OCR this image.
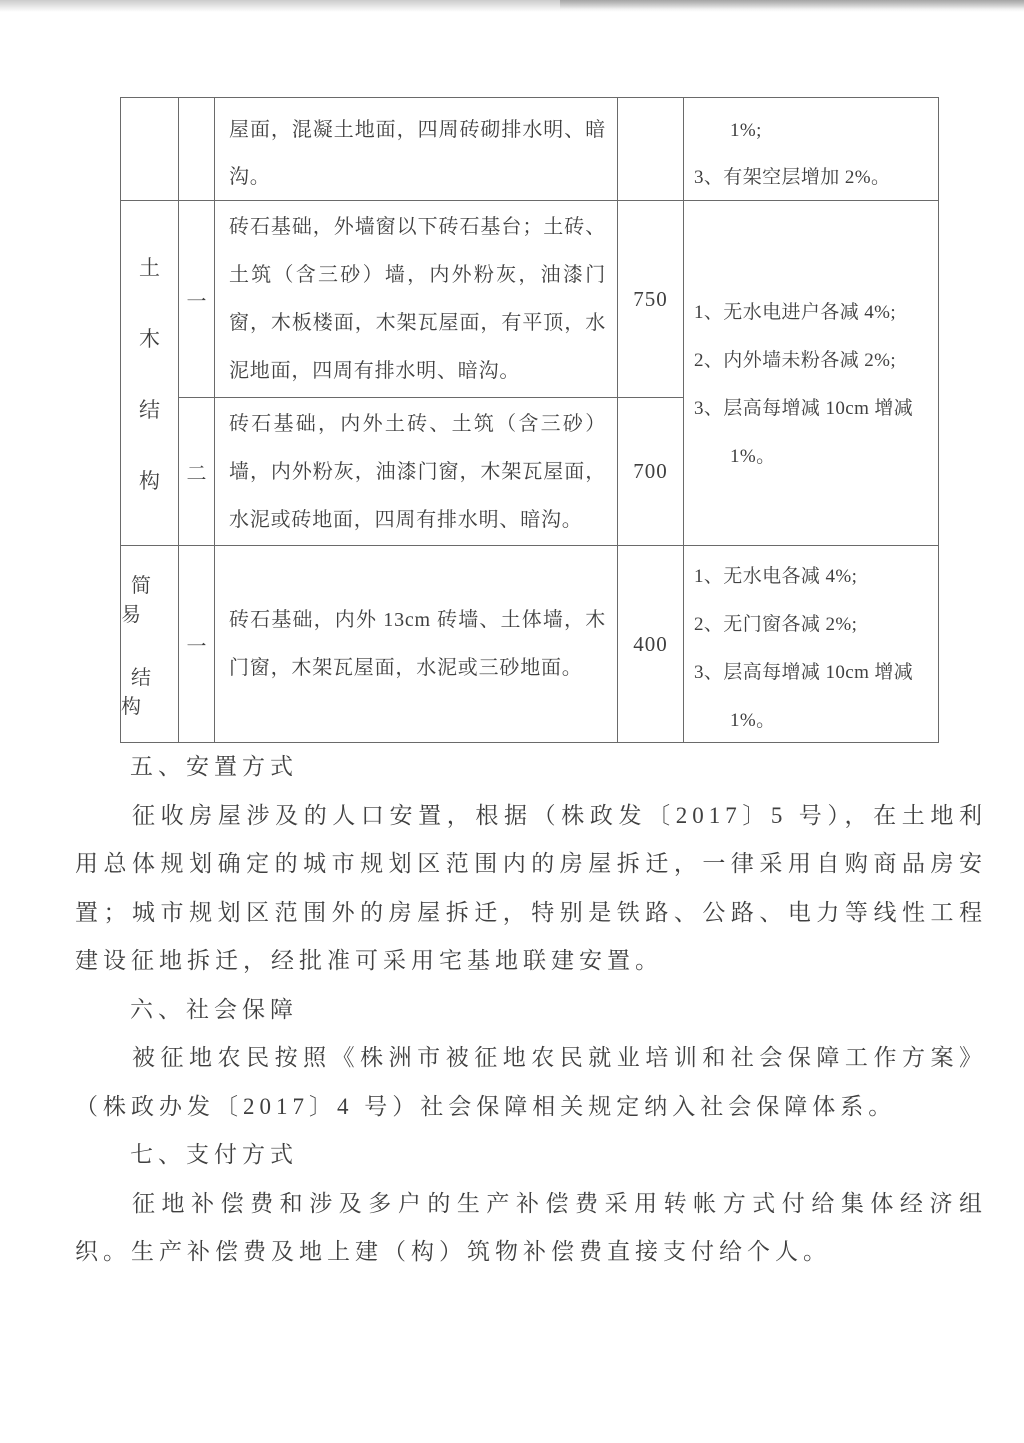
屋面，混凝土地面，四周砖砌排水明、暗沟。
1%;
3、有架空层增加 2%。
土
木
结
构
一
砖石基础，外墙窗以下砖石基台；土砖、土筑（含三砂）墙，内外粉灰，油漆门窗，木板楼面，木架瓦屋面，有平顶，水泥地面，四周有排水明、暗沟。
750
1、无水电进户各减 4%;
2、内外墙未粉各减 2%;
3、层高每增减 10cm 增减
1%。
二
砖石基础，内外土砖、土筑（含三砂）墙，内外粉灰，油漆门窗，木架瓦屋面，水泥或砖地面，四周有排水明、暗沟。
700
简易
结构
一
砖石基础，内外 13cm 砖墙、土体墙，木门窗，木架瓦屋面，水泥或三砂地面。
400
1、无水电各减 4%;
2、无门窗各减 2%;
3、层高每增减 10cm 增减
1%。
五、安置方式
征收房屋涉及的人口安置，根据（株政发〔2017〕5 号），在土地利用总体规划确定的城市规划区范围内的房屋拆迁，一律采用自购商品房安置；城市规划区范围外的房屋拆迁，特别是铁路、公路、电力等线性工程建设征地拆迁，经批准可采用宅基地联建安置。
六、社会保障
被征地农民按照《株洲市被征地农民就业培训和社会保障工作方案》（株政办发〔2017〕4 号）社会保障相关规定纳入社会保障体系。
七、支付方式
征地补偿费和涉及多户的生产补偿费采用转帐方式付给集体经济组织。生产补偿费及地上建（构）筑物补偿费直接支付给个人。
